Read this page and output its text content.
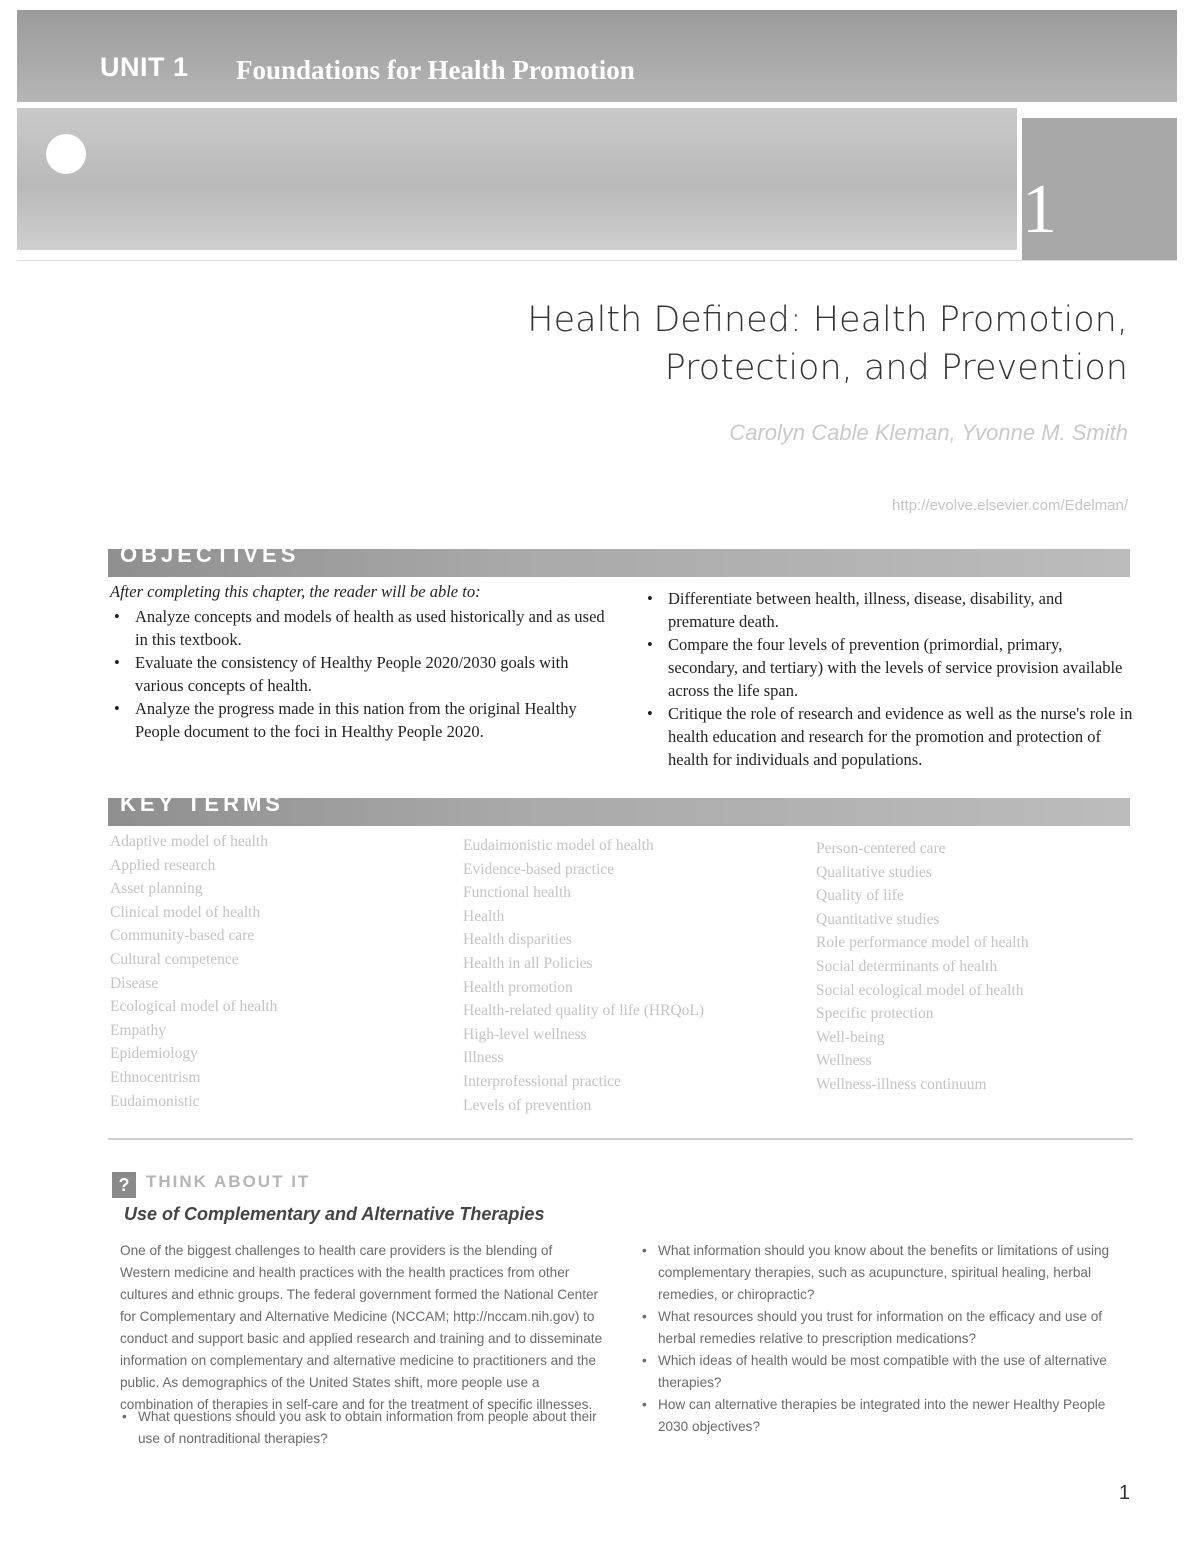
UNIT 1 Foundations for Health Promotion
1
Health Defined: Health Promotion,
Protection, and Prevention
Carolyn Cable Kleman, Yvonne M. Smith
http://evolve.elsevier.com/Edelman/
OBJECTIVES
After completing this chapter, the reader will be able to:
• Analyze concepts and models of health as used historically and as used in this textbook.
• Evaluate the consistency of Healthy People 2020/2030 goals with various concepts of health.
• Analyze the progress made in this nation from the original Healthy People document to the foci in Healthy People 2020.
• Differentiate between health, illness, disease, disability, and premature death.
• Compare the four levels of prevention (primordial, primary, secondary, and tertiary) with the levels of service provision available across the life span.
• Critique the role of research and evidence as well as the nurse's role in health education and research for the promotion and protection of health for individuals and populations.
KEY TERMS
Adaptive model of health
Applied research
Asset planning
Clinical model of health
Community-based care
Cultural competence
Disease
Ecological model of health
Empathy
Epidemiology
Ethnocentrism
Eudaimonistic
Eudaimonistic model of health
Evidence-based practice
Functional health
Health
Health disparities
Health in all Policies
Health promotion
Health-related quality of life (HRQoL)
High-level wellness
Illness
Interprofessional practice
Levels of prevention
Person-centered care
Qualitative studies
Quality of life
Quantitative studies
Role performance model of health
Social determinants of health
Social ecological model of health
Specific protection
Well-being
Wellness
Wellness-illness continuum
? THINK ABOUT IT
Use of Complementary and Alternative Therapies
One of the biggest challenges to health care providers is the blending of Western medicine and health practices with the health practices from other cultures and ethnic groups. The federal government formed the National Center for Complementary and Alternative Medicine (NCCAM; http://nccam.nih.gov) to conduct and support basic and applied research and training and to disseminate information on complementary and alternative medicine to practitioners and the public. As demographics of the United States shift, more people use a combination of therapies in self-care and for the treatment of specific illnesses.
• What questions should you ask to obtain information from people about their use of nontraditional therapies?
• What information should you know about the benefits or limitations of using complementary therapies, such as acupuncture, spiritual healing, herbal remedies, or chiropractic?
• What resources should you trust for information on the efficacy and use of herbal remedies relative to prescription medications?
• Which ideas of health would be most compatible with the use of alternative therapies?
• How can alternative therapies be integrated into the newer Healthy People 2030 objectives?
1
